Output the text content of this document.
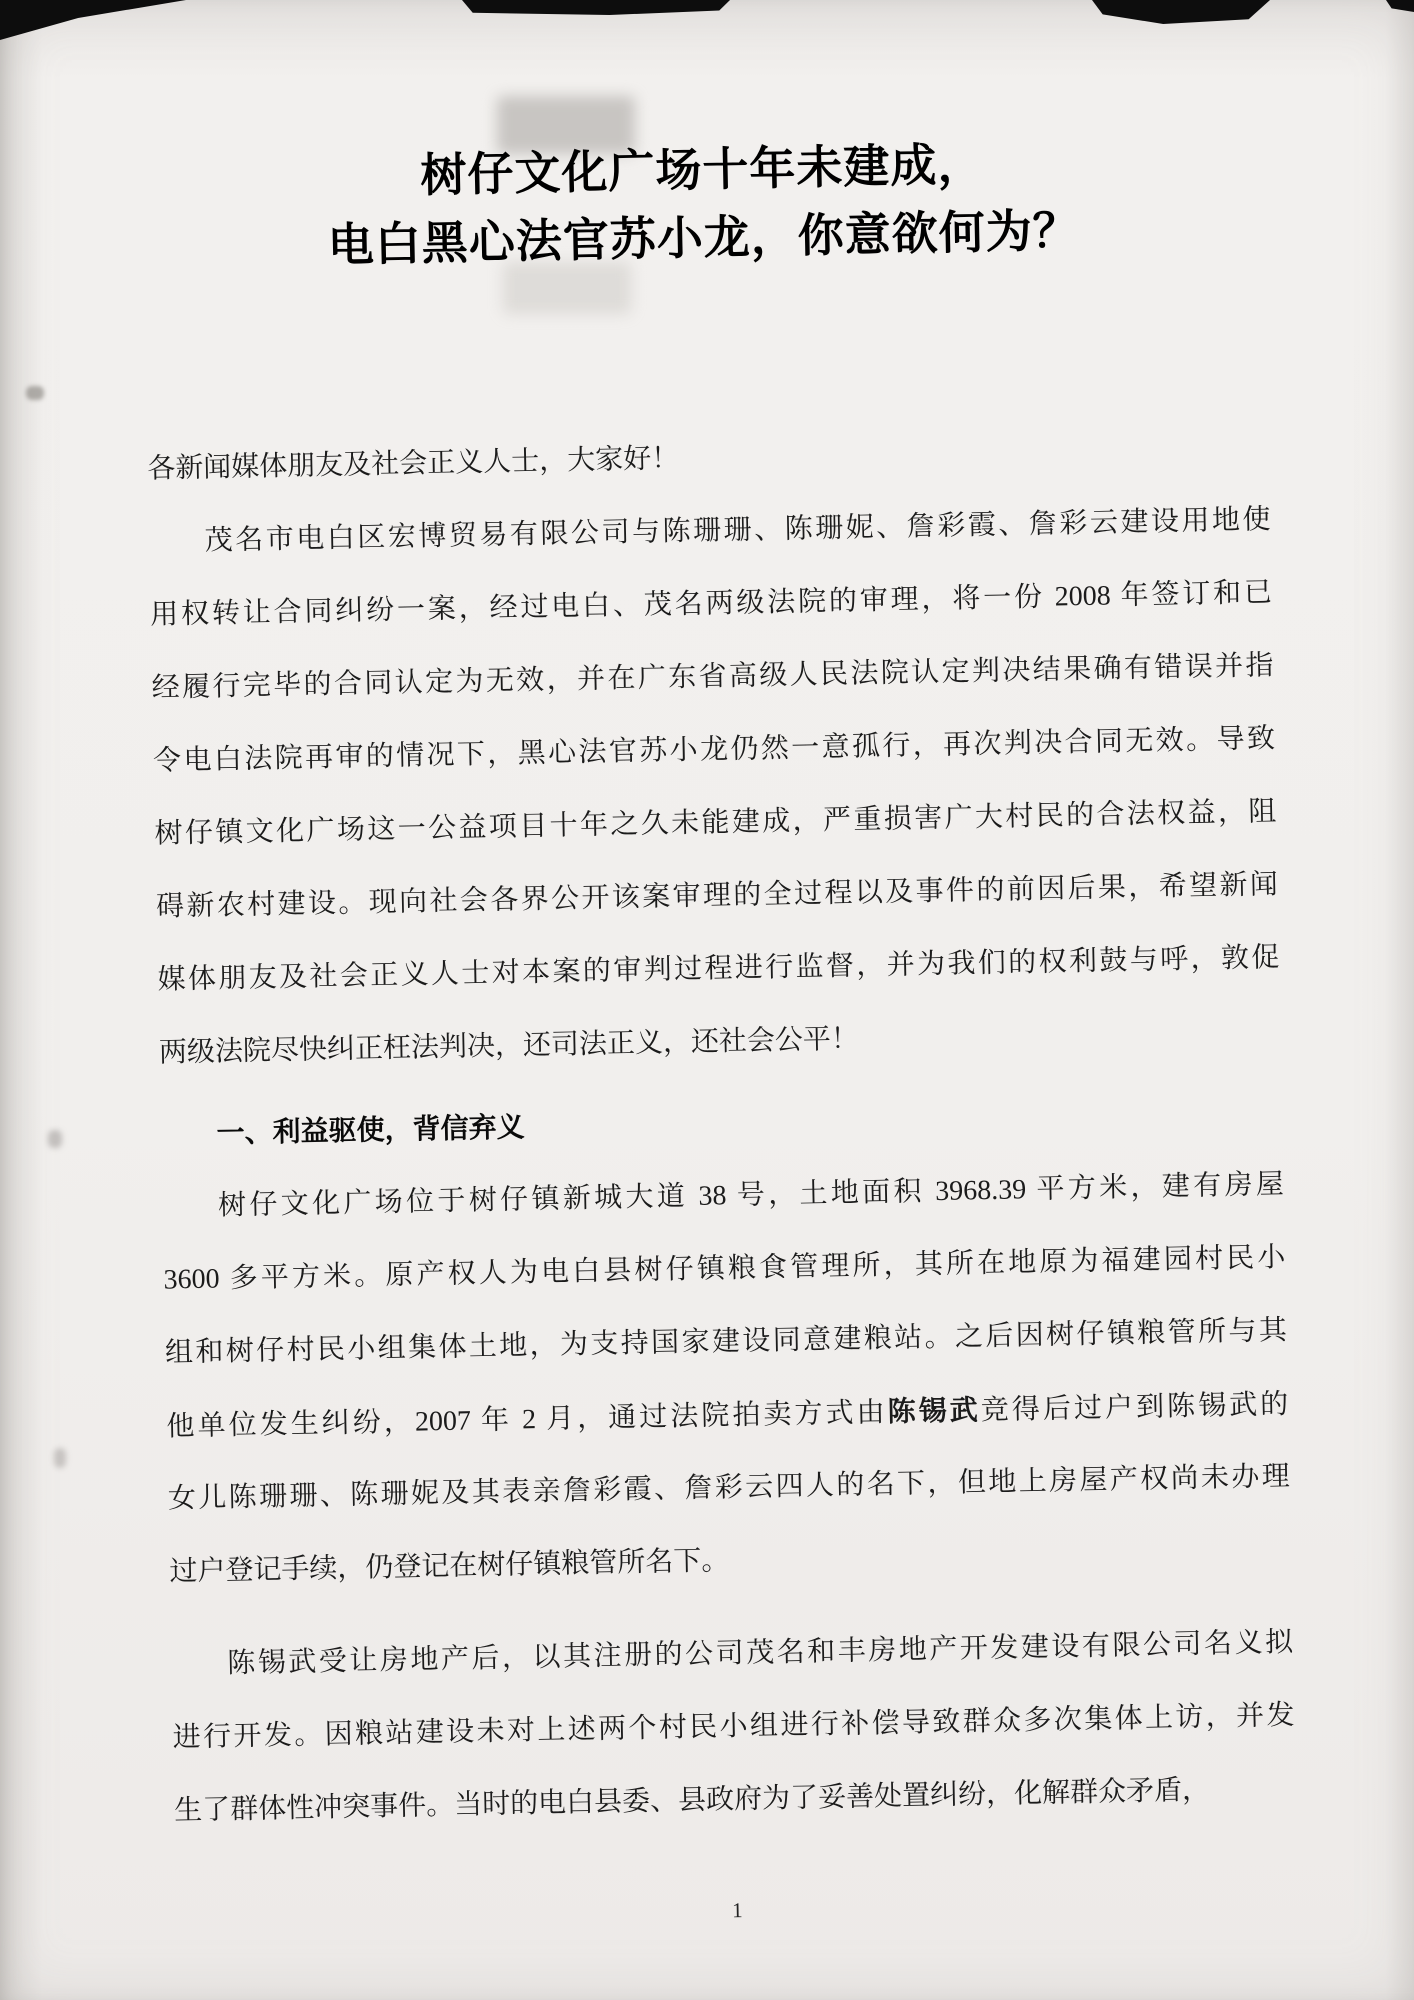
树仔文化广场十年未建成，
电白黑心法官苏小龙，你意欲何为？
各新闻媒体朋友及社会正义人士，大家好！
茂名市电白区宏博贸易有限公司与陈珊珊、陈珊妮、詹彩霞、詹彩云建设用地使
用权转让合同纠纷一案，经过电白、茂名两级法院的审理，将一份 2008 年签订和已
经履行完毕的合同认定为无效，并在广东省高级人民法院认定判决结果确有错误并指
令电白法院再审的情况下，黑心法官苏小龙仍然一意孤行，再次判决合同无效。导致
树仔镇文化广场这一公益项目十年之久未能建成，严重损害广大村民的合法权益，阻
碍新农村建设。现向社会各界公开该案审理的全过程以及事件的前因后果，希望新闻
媒体朋友及社会正义人士对本案的审判过程进行监督，并为我们的权利鼓与呼，敦促
两级法院尽快纠正枉法判决，还司法正义，还社会公平！
一、利益驱使，背信弃义
树仔文化广场位于树仔镇新城大道 38 号，土地面积 3968.39 平方米，建有房屋
3600 多平方米。原产权人为电白县树仔镇粮食管理所，其所在地原为福建园村民小
组和树仔村民小组集体土地，为支持国家建设同意建粮站。之后因树仔镇粮管所与其
他单位发生纠纷，2007 年 2 月，通过法院拍卖方式由陈锡武竞得后过户到陈锡武的
女儿陈珊珊、陈珊妮及其表亲詹彩霞、詹彩云四人的名下，但地上房屋产权尚未办理
过户登记手续，仍登记在树仔镇粮管所名下。
陈锡武受让房地产后，以其注册的公司茂名和丰房地产开发建设有限公司名义拟
进行开发。因粮站建设未对上述两个村民小组进行补偿导致群众多次集体上访，并发
生了群体性冲突事件。当时的电白县委、县政府为了妥善处置纠纷，化解群众矛盾，
1
